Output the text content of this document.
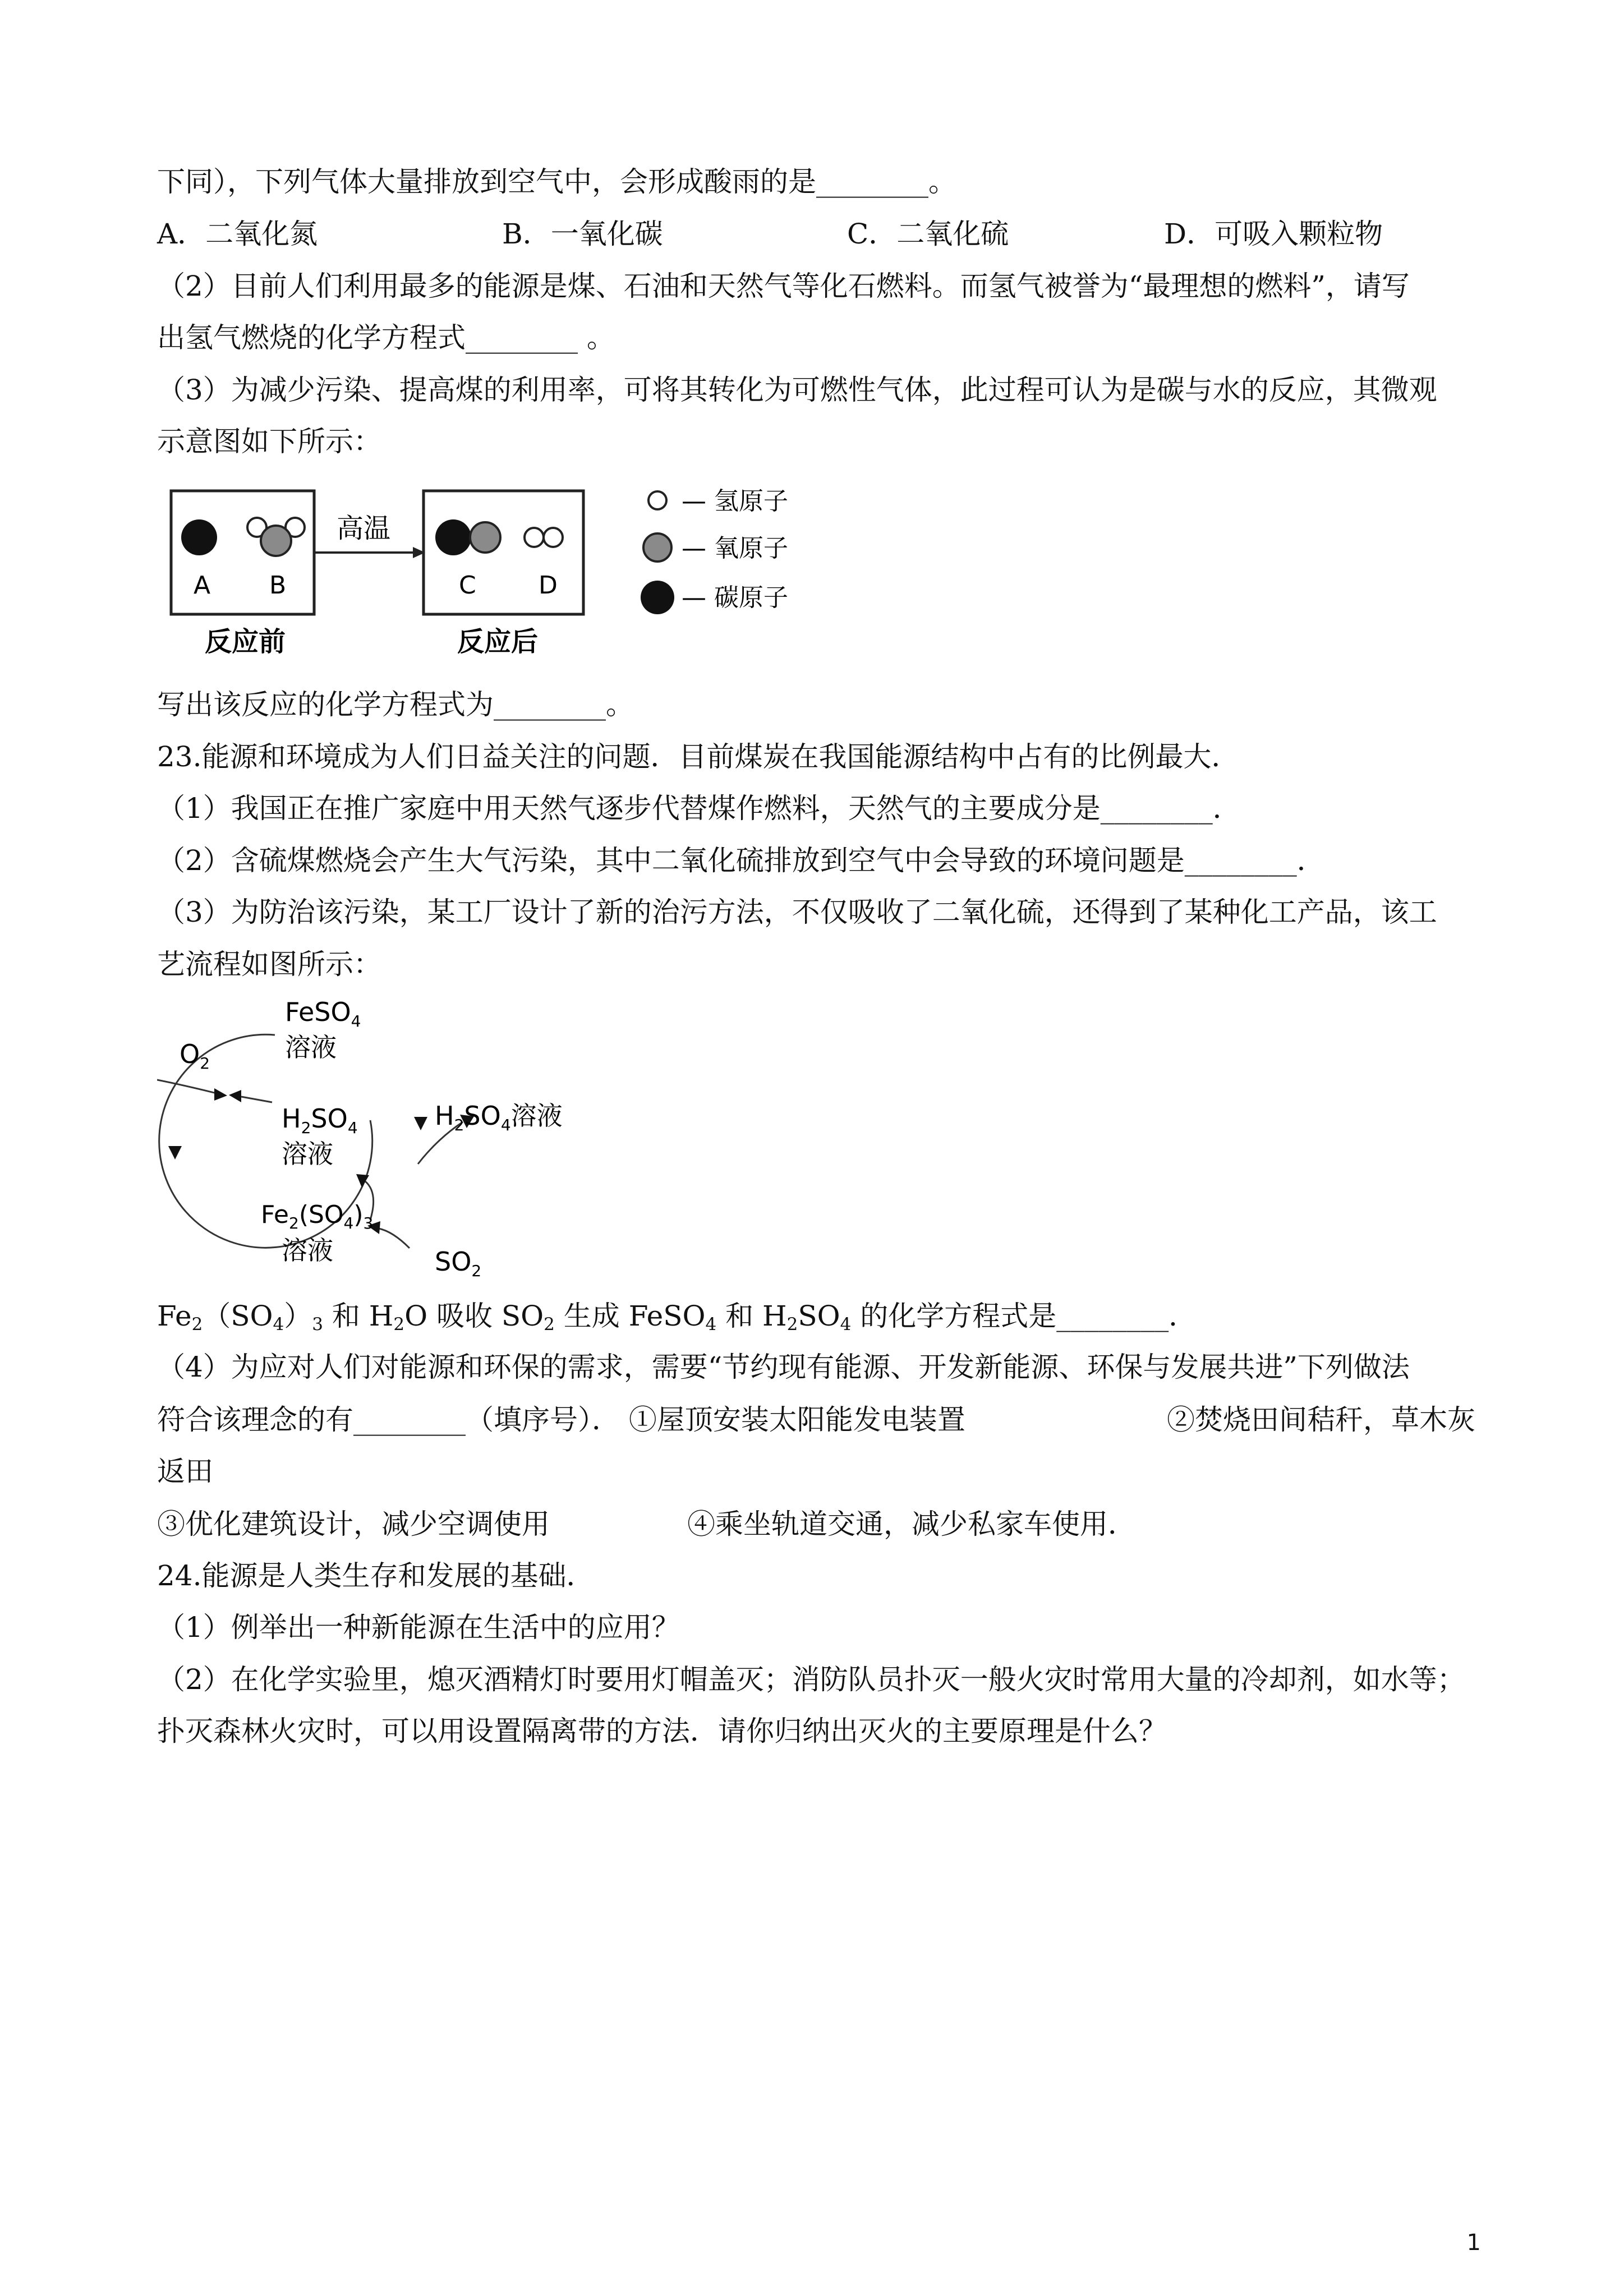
下同），下列气体大量排放到空气中，会形成酸雨的是________。
A．二氧化氮	B．一氧化碳	C．二氧化硫	D．可吸入颗粒物
（2）目前人们利用最多的能源是煤、石油和天然气等化石燃料。而氢气被誉为“最理想的燃料”，请写
出氢气燃烧的化学方程式________ 。
（3）为减少污染、提高煤的利用率，可将其转化为可燃性气体，此过程可认为是碳与水的反应，其微观
示意图如下所示：
A B
高温
C	D
反应前	反应后
— 氢原子
— 氧原子
— 碳原子
写出该反应的化学方程式为________。
23.能源和环境成为人们日益关注的问题．目前煤炭在我国能源结构中占有的比例最大．
（1）我国正在推广家庭中用天然气逐步代替煤作燃料，天然气的主要成分是________．
（2）含硫煤燃烧会产生大气污染，其中二氧化硫排放到空气中会导致的环境问题是________．
（3）为防治该污染，某工厂设计了新的治污方法，不仅吸收了二氧化硫，还得到了某种化工产品，该工
艺流程如图所示：
$O_2$
FeSO$_4$
溶液
$H_2SO_4$
溶液
$H_2SO_4$溶液
$Fe_2(SO_4)_3$
溶液	$SO_2$
$Fe_2(SO_4)_3$ 和 $H_2O$ 吸收 $SO_2$ 生成 FeSO$_4$ 和 $H_2SO_4$ 的化学方程式是________．
（4）为应对人们对能源和环保的需求，需要“节约现有能源、开发新能源、环保与发展共进”下列做法
符合该理念的有________（填序号）． ①屋顶安装太阳能发电装置	②焚烧田间秸秆，草木灰
返田
③优化建筑设计，减少空调使用	④乘坐轨道交通，减少私家车使用．
24.能源是人类生存和发展的基础．
（1）例举出一种新能源在生活中的应用？
（2）在化学实验里，熄灭酒精灯时要用灯帽盖灭；消防队员扑灭一般火灾时常用大量的冷却剂，如水等；
扑灭森林火灾时，可以用设置隔离带的方法．请你归纳出灭火的主要原理是什么？
1
